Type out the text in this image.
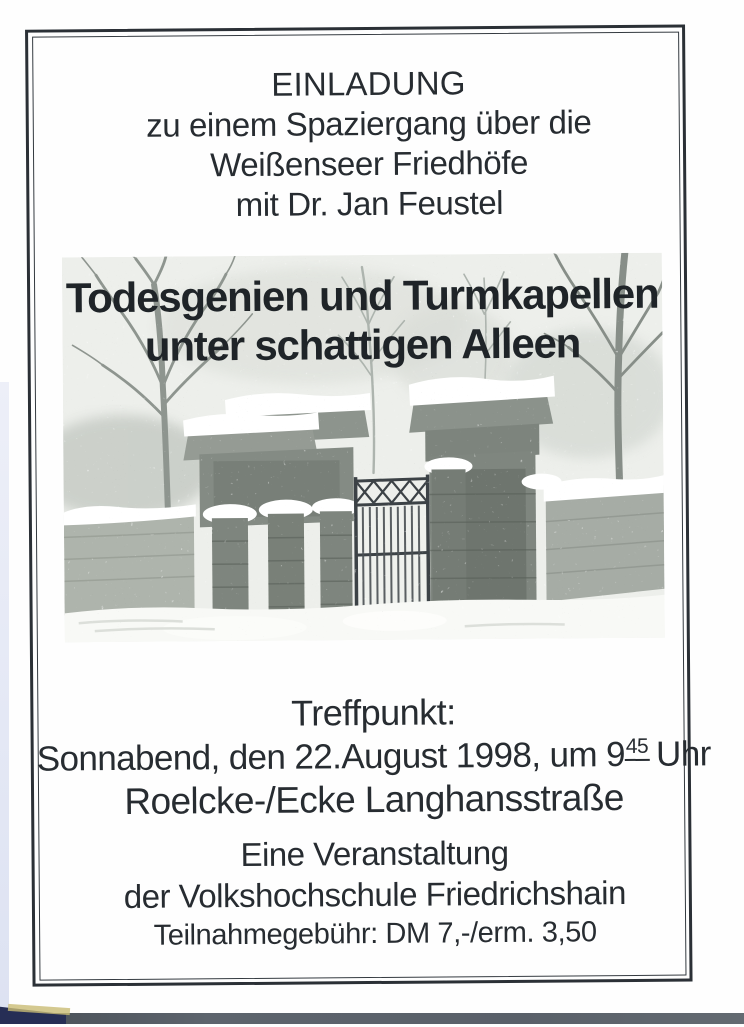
EINLADUNG
zu einem Spaziergang über die
Weißenseer Friedhöfe
mit Dr. Jan Feustel
Todesgenien und Turmkapellen
unter schattigen Alleen
Treffpunkt:
Sonnabend, den 22.August 1998, um $9^{45}$ Uhr
Roelcke-/Ecke Langhansstraße
Eine Veranstaltung
der Volkshochschule Friedrichshain
Teilnahmegebühr: DM 7,-/erm. 3,50
